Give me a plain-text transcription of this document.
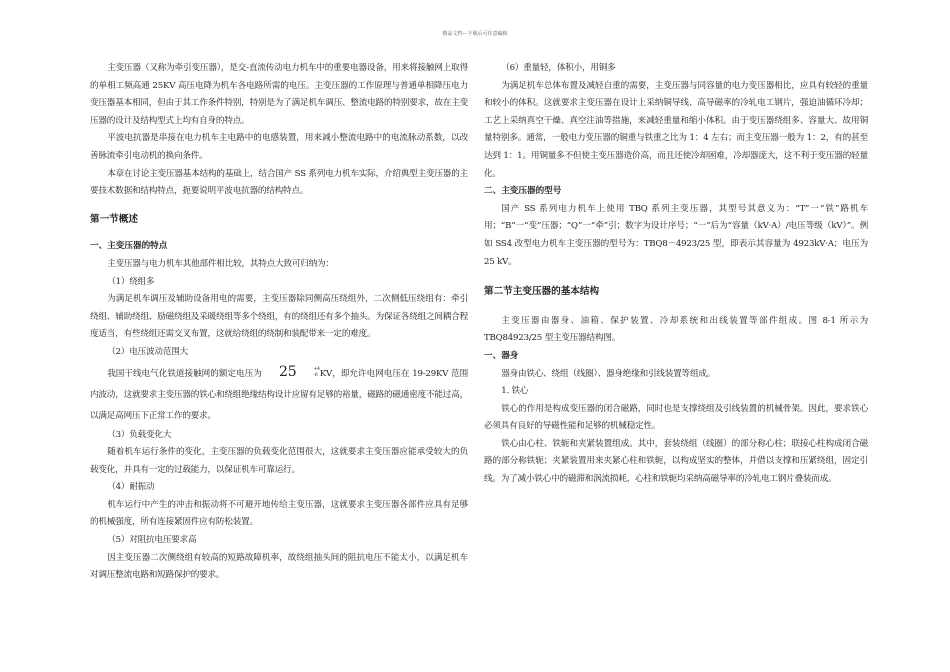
精品文档---下载后可任意编辑

主变压器（又称为牵引变压器），是交-直流传动电力机车中的重要电器设备，用来将接触网上取得的单相工频高通 25KV 高压电降为机车各电路所需的电压。主变压器的工作原理与普通单相降压电力变压器基本相同，但由于其工作条件特别，特别是为了满足机车调压、整流电路的特别要求，故在主变压器的设计及结构型式上均有自身的特点。

平波电抗器是串接在电力机车主电路中的电感装置，用来减小整流电路中的电流脉动系数，以改善脉流牵引电动机的换向条件。

本章在讨论主变压器基本结构的基础上，结合国产 SS 系列电力机车实际，介绍典型主变压器的主要技术数据和结构特点，扼要说明平波电抗器的结构特点。

第一节概述
一、主变压器的特点

主变压器与电力机车其他部件相比较，其特点大致可归纳为：

（1）绕组多

为满足机车调压及辅助设备用电的需要，主变压器除同侧高压绕组外，二次侧低压绕组有：牵引绕组、辅助绕组、励磁绕组及采暖绕组等多个绕组，有的绕组还有多个抽头。为保证各绕组之间耦合程度适当，有些绕组还需交叉布置，这就给绕组的绕制和装配带来一定的难度。

（2）电压波动范围大

我国干线电气化铁道接触网的额定电压为 25	+4
-6 KV，即允许电网电压在 19-29KV 范围内波动，这就要求主变压器的铁心和绕组绝缘结构设计应留有足够的裕量，磁路的磁通密度不能过高，以满足高网压下正常工作的要求。

（3）负载变化大

随着机车运行条件的变化，主变压器的负载变化范围很大，这就要求主变压器应能承受较大的负载变化，并具有一定的过载能力，以保证机车可靠运行。

（4）耐振动

机车运行中产生的冲击和振动将不可避开地传给主变压器，这就要求主变压器各部件应具有足够的机械强度，所有连接紧固件应有防松装置。

（5）对阻抗电压要求高

因主变压器二次侧绕组有较高的短路故障机率，故绕组抽头间的阻抗电压不能太小，以满足机车对调压整流电路和短路保护的要求。

（6）重量轻，体积小，用铜多

为满足机车总体布置及减轻自重的需要，主变压器与同容量的电力变压器相比，应具有较轻的重量和较小的体积。这就要求主变压器在设计上采纳铜导线、高导磁率的冷轧电工钢片，强迫油循环冷却；工艺上采纳真空干燥、真空注油等措施，来减轻重量和缩小体积。由于变压器绕组多、容量大、故用铜量特别多。通常，一般电力变压器的铜重与铁重之比为 1：4 左右；而主变压器一般为 1：2，有的甚至达到 1：1。用铜量多不但使主变压器造价高，而且还使冷却困难，冷却器庞大，这不利于变压器的轻量化。

二、主变压器的型号

国产 SS 系列电力机车上使用 TBQ 系列主变压器，其型号其意义为：“T”一“铁”路机车用；“B”一“变”压器；“Q”一“牵”引；数字为设计序号；“一”后为“容量（kV·A）/电压等级（kV）”。例如 SS4 改型电力机车主变压器的型号为：TBQ8－4923/25 型，即表示其容量为 4923kV·A；电压为 25 kV。

第二节主变压器的基本结构

主变压器由器身、油箱、保护装置、冷却系统和出线装置等部件组成。图 8-1 所示为 TBQ84923/25 型主变压器结构图。

一、器身

器身由铁心、绕组（线圈）、器身绝缘和引线装置等组成。

1. 铁心

铁心的作用是构成变压器的闭合磁路，同时也是支撑绕组及引线装置的机械骨架。因此，要求铁心必须具有良好的导磁性能和足够的机械稳定性。

铁心由心柱、铁轭和夹紧装置组成。其中，套装绕组（线圈）的部分称心柱；联接心柱构成闭合磁路的部分称铁轭；夹紧装置用来夹紧心柱和铁轭，以构成坚实的整体，并借以支撑和压紧绕组，固定引线。为了减小铁心中的磁滞和涡流损耗，心柱和铁轭均采纳高磁导率的冷轧电工钢片叠装而成。
